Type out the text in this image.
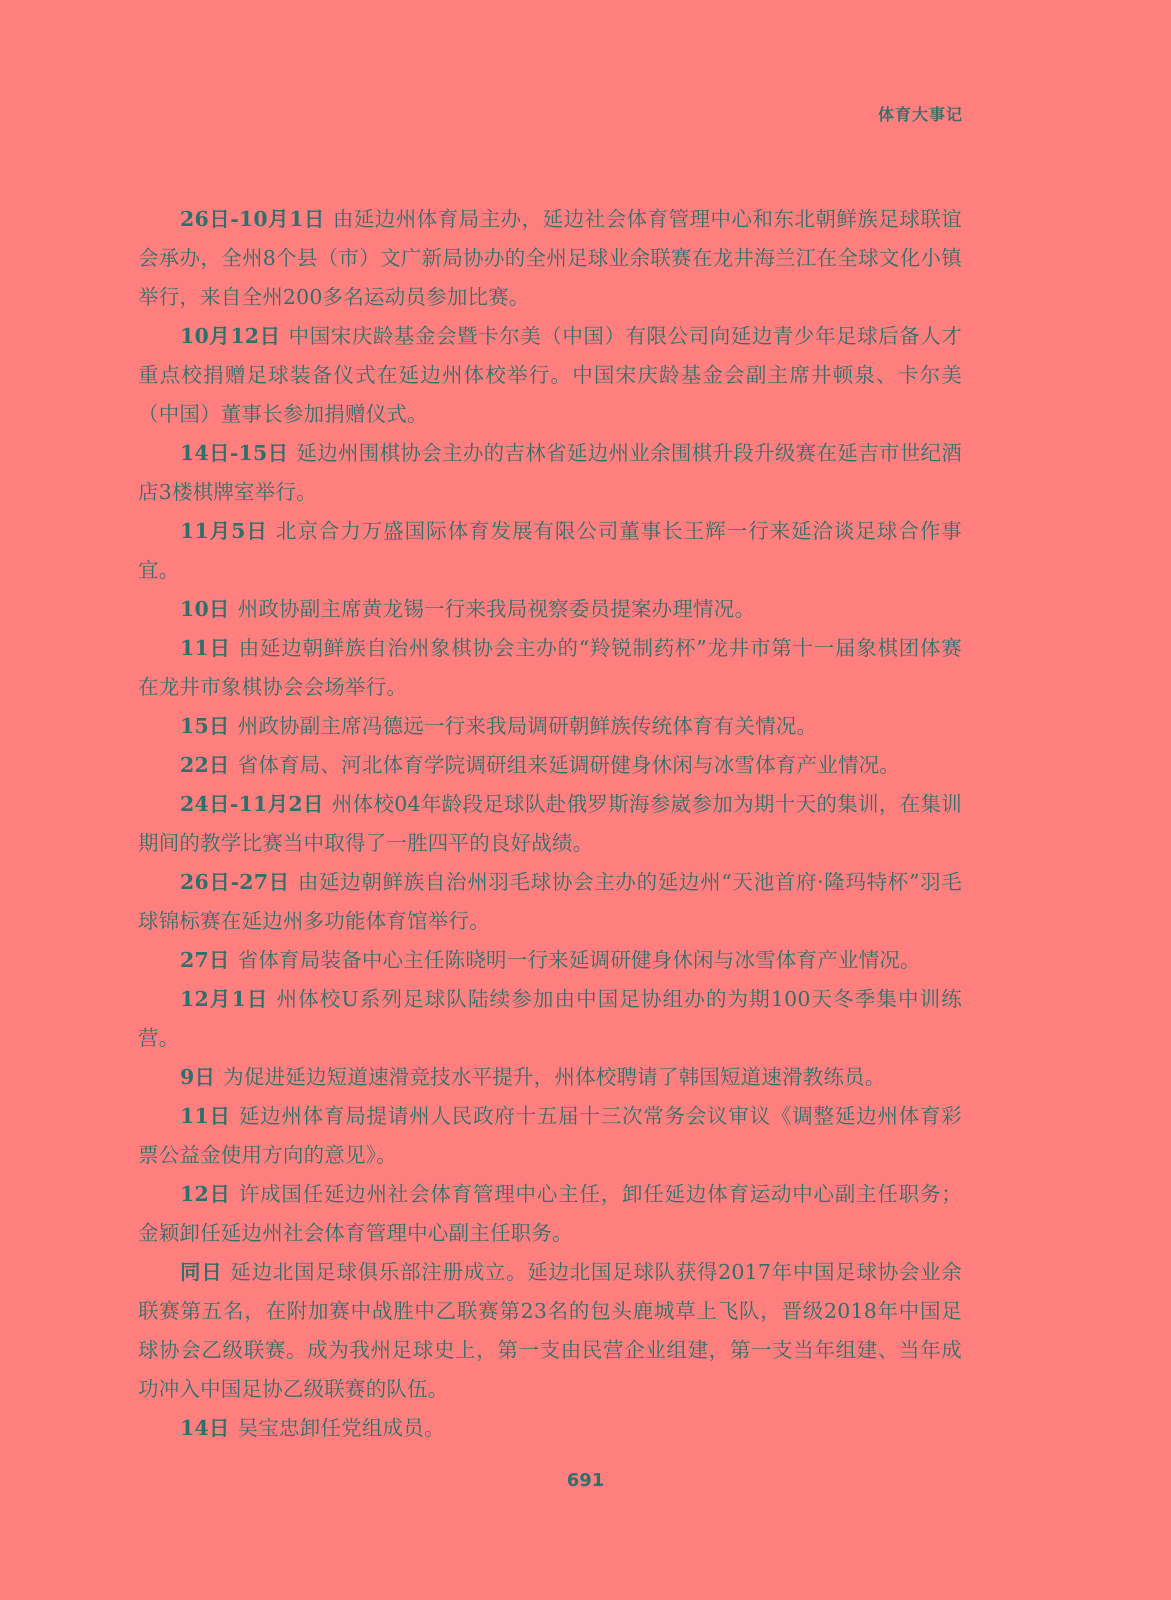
体育大事记

26日-10月1日 由延边州体育局主办，延边社会体育管理中心和东北朝鲜族足球联谊会承办，全州8个县（市）文广新局协办的全州足球业余联赛在龙井海兰江在全球文化小镇举行，来自全州200多名运动员参加比赛。

10月12日 中国宋庆龄基金会暨卡尔美（中国）有限公司向延边青少年足球后备人才重点校捐赠足球装备仪式在延边州体校举行。中国宋庆龄基金会副主席井顿泉、卡尔美（中国）董事长参加捐赠仪式。

14日-15日 延边州围棋协会主办的吉林省延边州业余围棋升段升级赛在延吉市世纪酒店3楼棋牌室举行。

11月5日 北京合力万盛国际体育发展有限公司董事长王辉一行来延洽谈足球合作事宜。

10日 州政协副主席黄龙锡一行来我局视察委员提案办理情况。

11日 由延边朝鲜族自治州象棋协会主办的“羚锐制药杯”龙井市第十一届象棋团体赛在龙井市象棋协会会场举行。

15日 州政协副主席冯德远一行来我局调研朝鲜族传统体育有关情况。

22日 省体育局、河北体育学院调研组来延调研健身休闲与冰雪体育产业情况。

24日-11月2日 州体校04年龄段足球队赴俄罗斯海参崴参加为期十天的集训，在集训期间的教学比赛当中取得了一胜四平的良好战绩。

26日-27日 由延边朝鲜族自治州羽毛球协会主办的延边州“天池首府·隆玛特杯”羽毛球锦标赛在延边州多功能体育馆举行。

27日 省体育局装备中心主任陈晓明一行来延调研健身休闲与冰雪体育产业情况。

12月1日 州体校U系列足球队陆续参加由中国足协组办的为期100天冬季集中训练营。

9日 为促进延边短道速滑竞技水平提升，州体校聘请了韩国短道速滑教练员。

11日 延边州体育局提请州人民政府十五届十三次常务会议审议《调整延边州体育彩票公益金使用方向的意见》。

12日 许成国任延边州社会体育管理中心主任，卸任延边体育运动中心副主任职务；金颖卸任延边州社会体育管理中心副主任职务。

同日 延边北国足球俱乐部注册成立。延边北国足球队获得2017年中国足球协会业余联赛第五名，在附加赛中战胜中乙联赛第23名的包头鹿城草上飞队，晋级2018年中国足球协会乙级联赛。成为我州足球史上，第一支由民营企业组建，第一支当年组建、当年成功冲入中国足协乙级联赛的队伍。

14日 吴宝忠卸任党组成员。

691
